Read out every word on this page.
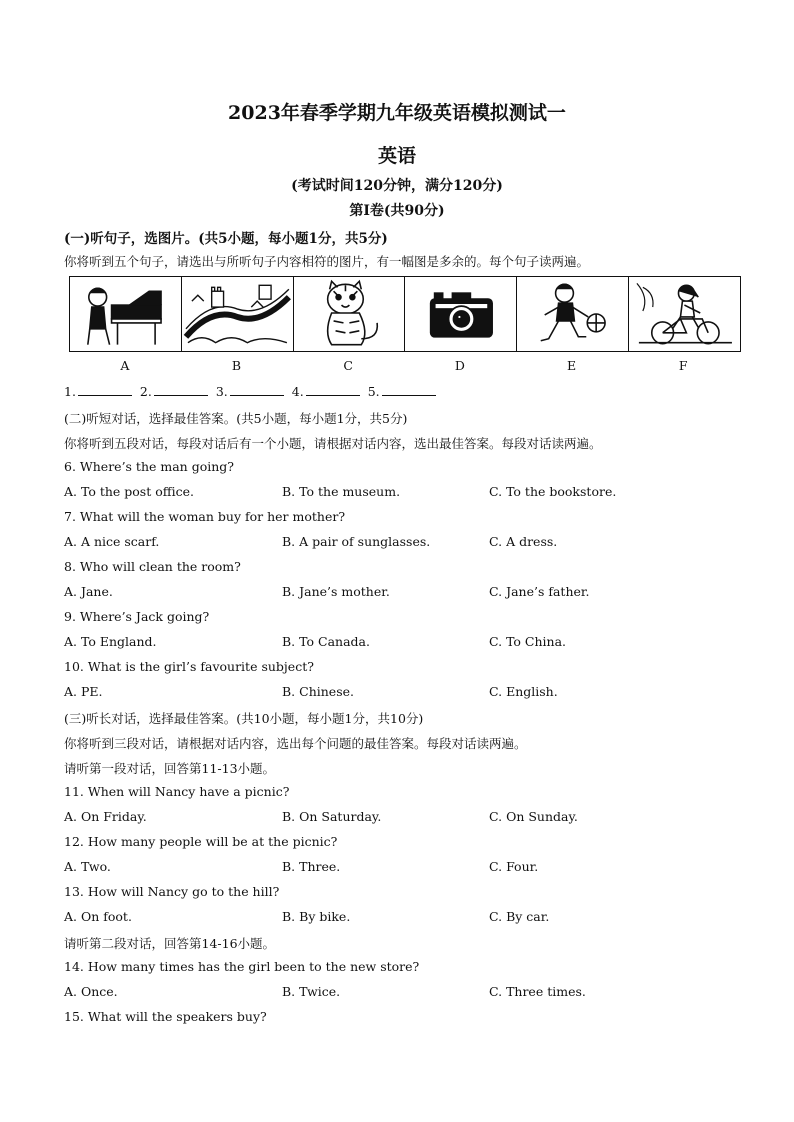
2023年春季学期九年级英语模拟测试一
英语
(考试时间120分钟，满分120分)
第Ⅰ卷(共90分)
(一)听句子，选图片。(共5小题，每小题1分，共5分)
你将听到五个句子，请选出与所听句子内容相符的图片，有一幅图是多余的。每个句子读两遍。
A	B	C	D	E	F
1.	2.	3.	4.	5.
(二)听短对话，选择最佳答案。(共5小题，每小题1分，共5分)
你将听到五段对话，每段对话后有一个小题，请根据对话内容，选出最佳答案。每段对话读两遍。
6. Where’s the man going?
A. To the post office.	B. To the museum.	C. To the bookstore.
7. What will the woman buy for her mother?
A. A nice scarf.	B. A pair of sunglasses.	C. A dress.
8. Who will clean the room?
A. Jane.	B. Jane’s mother.	C. Jane’s father.
9. Where’s Jack going?
A. To England.	B. To Canada.	C. To China.
10. What is the girl’s favourite subject?
A. PE.	B. Chinese.	C. English.
(三)听长对话，选择最佳答案。(共10小题，每小题1分，共10分)
你将听到三段对话，请根据对话内容，选出每个问题的最佳答案。每段对话读两遍。
请听第一段对话，回答第11-13小题。
11. When will Nancy have a picnic?
A. On Friday.	B. On Saturday.	C. On Sunday.
12. How many people will be at the picnic?
A. Two.	B. Three.	C. Four.
13. How will Nancy go to the hill?
A. On foot.	B. By bike.	C. By car.
请听第二段对话，回答第14-16小题。
14. How many times has the girl been to the new store?
A. Once.	B. Twice.	C. Three times.
15. What will the speakers buy?
